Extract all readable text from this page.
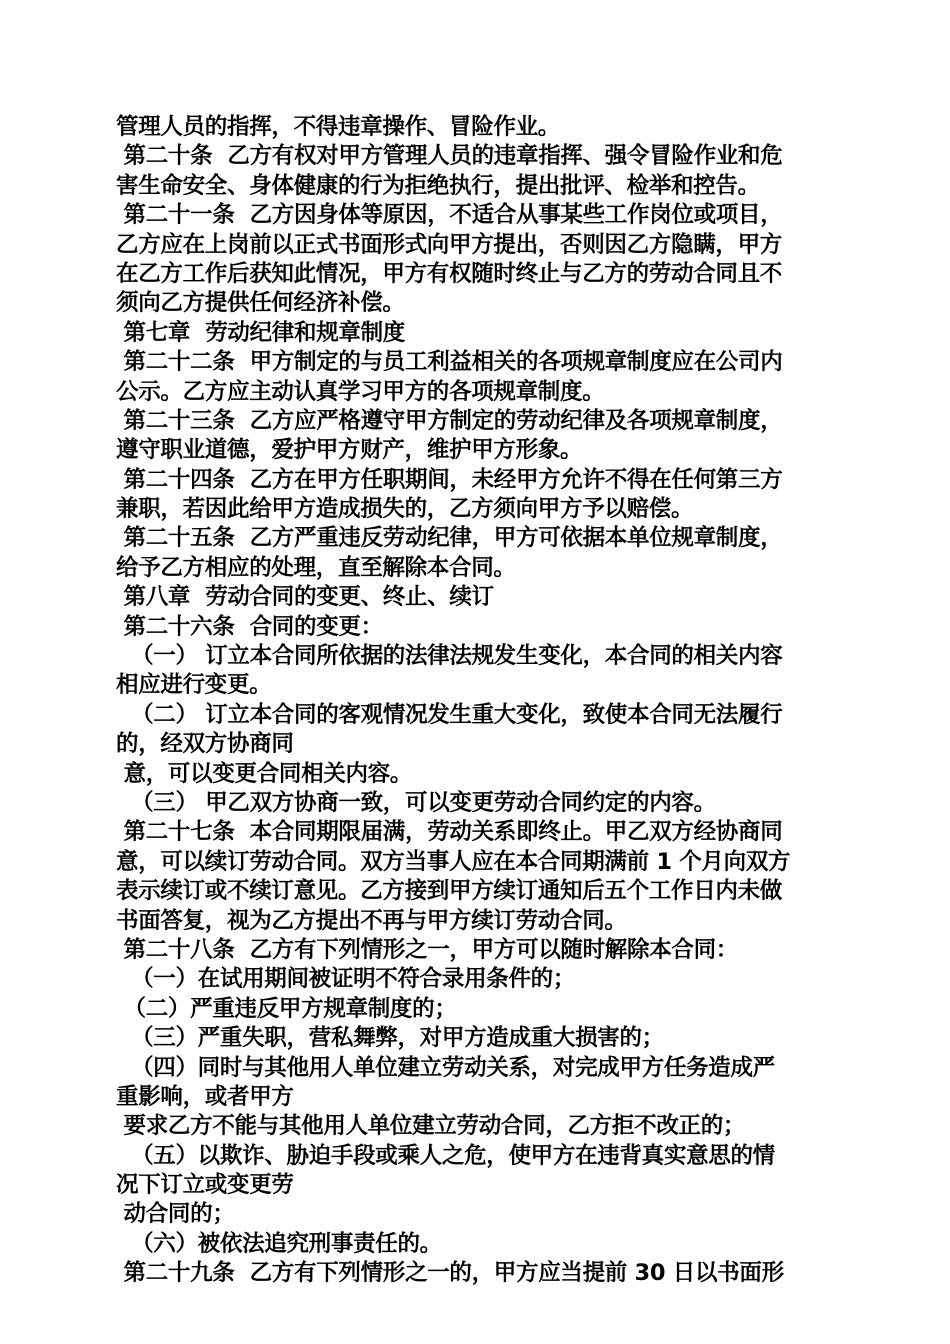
管理人员的指挥，不得违章操作、冒险作业。
第二十条  乙方有权对甲方管理人员的违章指挥、强令冒险作业和危
害生命安全、身体健康的行为拒绝执行，提出批评、检举和控告。
第二十一条  乙方因身体等原因，不适合从事某些工作岗位或项目，
乙方应在上岗前以正式书面形式向甲方提出，否则因乙方隐瞒，甲方
在乙方工作后获知此情况，甲方有权随时终止与乙方的劳动合同且不
须向乙方提供任何经济补偿。
第七章  劳动纪律和规章制度
第二十二条  甲方制定的与员工利益相关的各项规章制度应在公司内
公示。乙方应主动认真学习甲方的各项规章制度。
第二十三条  乙方应严格遵守甲方制定的劳动纪律及各项规章制度，
遵守职业道德，爱护甲方财产，维护甲方形象。
第二十四条  乙方在甲方任职期间，未经甲方允许不得在任何第三方
兼职，若因此给甲方造成损失的，乙方须向甲方予以赔偿。
第二十五条  乙方严重违反劳动纪律，甲方可依据本单位规章制度，
给予乙方相应的处理，直至解除本合同。
第八章  劳动合同的变更、终止、续订
第二十六条  合同的变更：
（一） 订立本合同所依据的法律法规发生变化，本合同的相关内容
相应进行变更。
（二） 订立本合同的客观情况发生重大变化，致使本合同无法履行
的，经双方协商同
意，可以变更合同相关内容。
（三） 甲乙双方协商一致，可以变更劳动合同约定的内容。
第二十七条  本合同期限届满，劳动关系即终止。甲乙双方经协商同
意，可以续订劳动合同。双方当事人应在本合同期满前 1 个月向双方
表示续订或不续订意见。乙方接到甲方续订通知后五个工作日内未做
书面答复，视为乙方提出不再与甲方续订劳动合同。
第二十八条  乙方有下列情形之一，甲方可以随时解除本合同：
（一）在试用期间被证明不符合录用条件的；
（二）严重违反甲方规章制度的；
（三）严重失职，营私舞弊，对甲方造成重大损害的；
（四）同时与其他用人单位建立劳动关系，对完成甲方任务造成严
重影响，或者甲方
要求乙方不能与其他用人单位建立劳动合同，乙方拒不改正的；
（五）以欺诈、胁迫手段或乘人之危，使甲方在违背真实意思的情
况下订立或变更劳
动合同的；
（六）被依法追究刑事责任的。
第二十九条  乙方有下列情形之一的，甲方应当提前 30 日以书面形
